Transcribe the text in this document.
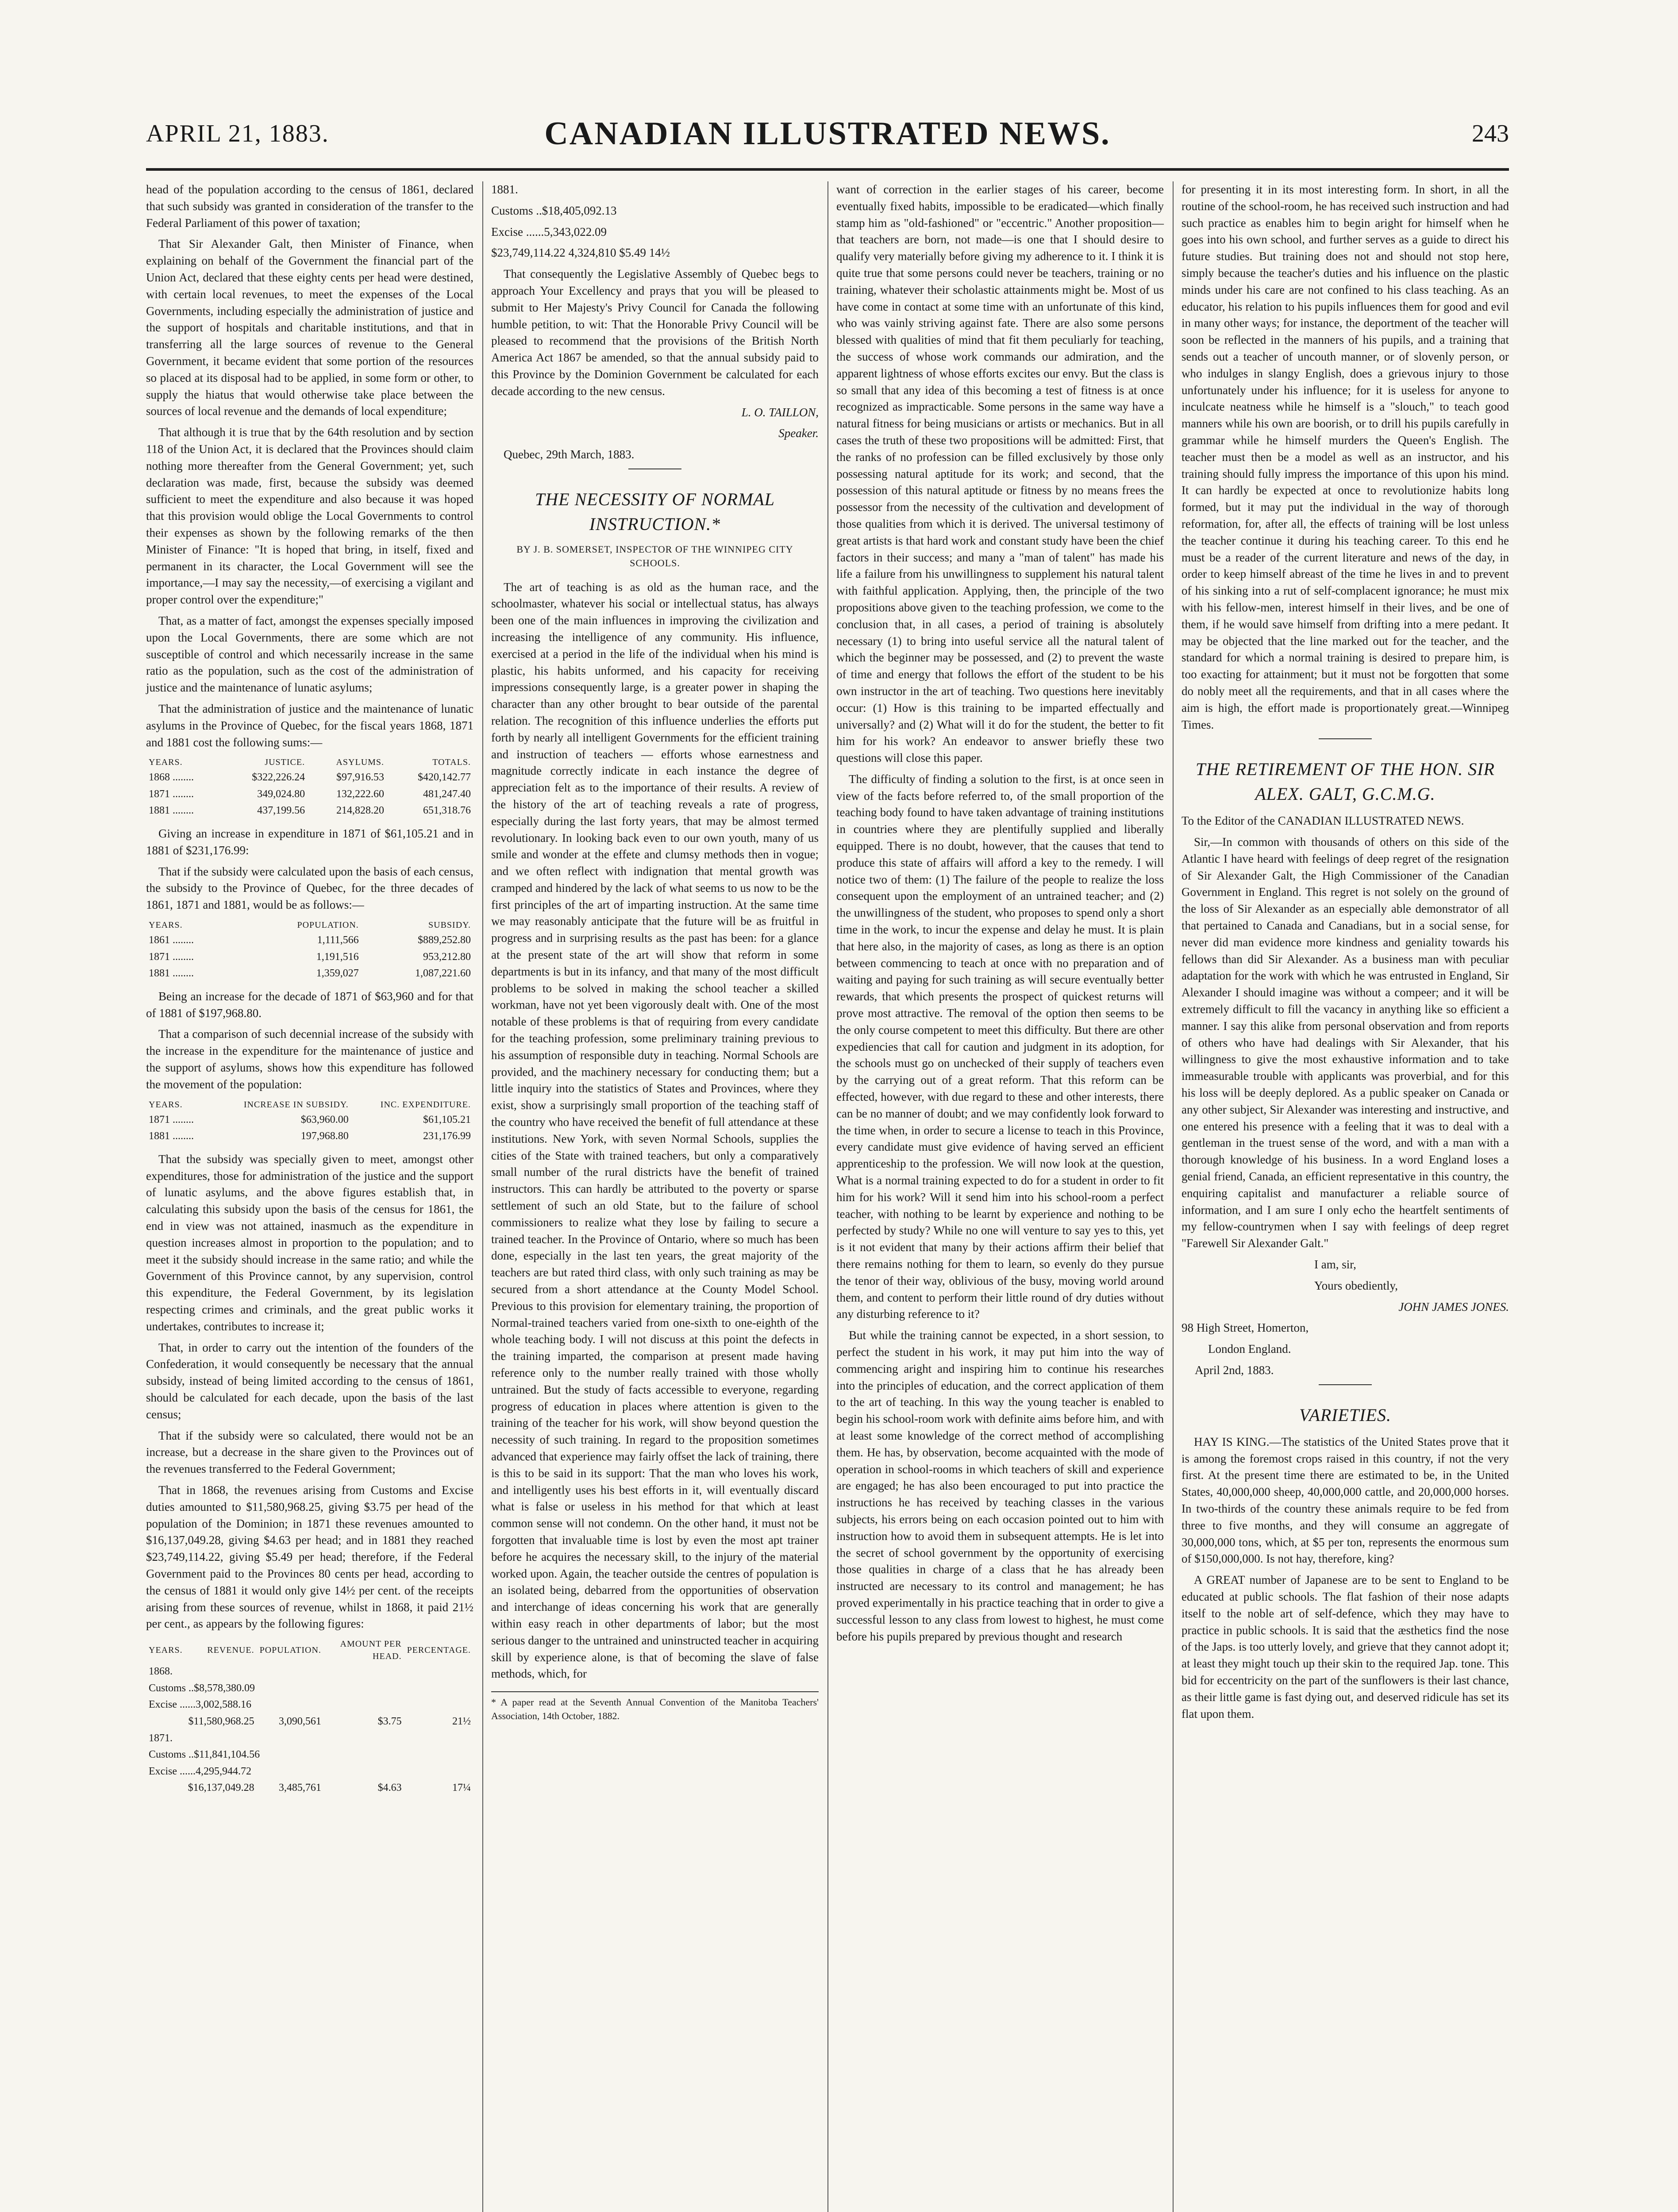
APRIL 21, 1883.	CANADIAN ILLUSTRATED NEWS.	243

head of the population according to the census of 1861, declared that such subsidy was granted in consideration of the transfer to the Federal Parliament of this power of taxation;

That Sir Alexander Galt, then Minister of Finance, when explaining on behalf of the Government the financial part of the Union Act, declared that these eighty cents per head were destined, with certain local revenues, to meet the expenses of the Local Governments, including especially the administration of justice and the support of hospitals and charitable institutions, and that in transferring all the large sources of revenue to the General Government, it became evident that some portion of the resources so placed at its disposal had to be applied, in some form or other, to supply the hiatus that would otherwise take place between the sources of local revenue and the demands of local expenditure;

That although it is true that by the 64th resolution and by section 118 of the Union Act, it is declared that the Provinces should claim nothing more thereafter from the General Government; yet, such declaration was made, first, because the subsidy was deemed sufficient to meet the expenditure and also because it was hoped that this provision would oblige the Local Governments to control their expenses as shown by the following remarks of the then Minister of Finance: "It is hoped that bring, in itself, fixed and permanent in its character, the Local Government will see the importance,—I may say the necessity,—of exercising a vigilant and proper control over the expenditure;"

That, as a matter of fact, amongst the expenses specially imposed upon the Local Governments, there are some which are not susceptible of control and which necessarily increase in the same ratio as the population, such as the cost of the administration of justice and the maintenance of lunatic asylums;

That the administration of justice and the maintenance of lunatic asylums in the Province of Quebec, for the fiscal years 1868, 1871 and 1881 cost the following sums:—

YEARS.	JUSTICE.	ASYLUMS.	TOTALS.
1868 ........	$322,226.24	$97,916.53	$420,142.77
1871 ........	349,024.80	132,222.60	481,247.40
1881 ........	437,199.56	214,828.20	651,318.76

Giving an increase in expenditure in 1871 of $61,105.21 and in 1881 of $231,176.99:

That if the subsidy were calculated upon the basis of each census, the subsidy to the Province of Quebec, for the three decades of 1861, 1871 and 1881, would be as follows:—

YEARS.	POPULATION.	SUBSIDY.
1861 ........	1,111,566	$889,252.80
1871 ........	1,191,516	953,212.80
1881 ........	1,359,027	1,087,221.60

Being an increase for the decade of 1871 of $63,960 and for that of 1881 of $197,968.80.

That a comparison of such decennial increase of the subsidy with the increase in the expenditure for the maintenance of justice and the support of asylums, shows how this expenditure has followed the movement of the population:

YEARS.	INCREASE IN SUBSIDY.	INC. EXPENDITURE.
1871 ........	$63,960.00	$61,105.21
1881 ........	197,968.80	231,176.99

That the subsidy was specially given to meet, amongst other expenditures, those for administration of the justice and the support of lunatic asylums, and the above figures establish that, in calculating this subsidy upon the basis of the census for 1861, the end in view was not attained, inasmuch as the expenditure in question increases almost in proportion to the population; and to meet it the subsidy should increase in the same ratio; and while the Government of this Province cannot, by any supervision, control this expenditure, the Federal Government, by its legislation respecting crimes and criminals, and the great public works it undertakes, contributes to increase it;

That, in order to carry out the intention of the founders of the Confederation, it would consequently be necessary that the annual subsidy, instead of being limited according to the census of 1861, should be calculated for each decade, upon the basis of the last census;

That if the subsidy were so calculated, there would not be an increase, but a decrease in the share given to the Provinces out of the revenues transferred to the Federal Government;

That in 1868, the revenues arising from Customs and Excise duties amounted to $11,580,968.25, giving $3.75 per head of the population of the Dominion; in 1871 these revenues amounted to $16,137,049.28, giving $4.63 per head; and in 1881 they reached $23,749,114.22, giving $5.49 per head; therefore, if the Federal Government paid to the Provinces 80 cents per head, according to the census of 1881 it would only give 14½ per cent. of the receipts arising from these sources of revenue, whilst in 1868, it paid 21½ per cent., as appears by the following figures:

YEARS.	REVENUE.	POPULATION.	AMOUNT PER HEAD.	PERCENTAGE.
1868.				
Customs ..$8,578,380.09				
Excise ......3,002,588.16				
	$11,580,968.25	3,090,561	$3.75	21½
1871.				
Customs ..$11,841,104.56				
Excise ......4,295,944.72				
	$16,137,049.28	3,485,761	$4.63	17¼

1881.

Customs ..$18,405,092.13

Excise ......5,343,022.09

$23,749,114.22 4,324,810 $5.49 14½

That consequently the Legislative Assembly of Quebec begs to approach Your Excellency and prays that you will be pleased to submit to Her Majesty's Privy Council for Canada the following humble petition, to wit: That the Honorable Privy Council will be pleased to recommend that the provisions of the British North America Act 1867 be amended, so that the annual subsidy paid to this Province by the Dominion Government be calculated for each decade according to the new census.

L. O. TAILLON,

Speaker.

Quebec, 29th March, 1883.

THE NECESSITY OF NORMAL INSTRUCTION.*

BY J. B. SOMERSET, INSPECTOR OF THE WINNIPEG CITY SCHOOLS.

The art of teaching is as old as the human race, and the schoolmaster, whatever his social or intellectual status, has always been one of the main influences in improving the civilization and increasing the intelligence of any community. His influence, exercised at a period in the life of the individual when his mind is plastic, his habits unformed, and his capacity for receiving impressions consequently large, is a greater power in shaping the character than any other brought to bear outside of the parental relation. The recognition of this influence underlies the efforts put forth by nearly all intelligent Governments for the efficient training and instruction of teachers — efforts whose earnestness and magnitude correctly indicate in each instance the degree of appreciation felt as to the importance of their results. A review of the history of the art of teaching reveals a rate of progress, especially during the last forty years, that may be almost termed revolutionary. In looking back even to our own youth, many of us smile and wonder at the effete and clumsy methods then in vogue; and we often reflect with indignation that mental growth was cramped and hindered by the lack of what seems to us now to be the first principles of the art of imparting instruction. At the same time we may reasonably anticipate that the future will be as fruitful in progress and in surprising results as the past has been: for a glance at the present state of the art will show that reform in some departments is but in its infancy, and that many of the most difficult problems to be solved in making the school teacher a skilled workman, have not yet been vigorously dealt with. One of the most notable of these problems is that of requiring from every candidate for the teaching profession, some preliminary training previous to his assumption of responsible duty in teaching. Normal Schools are provided, and the machinery necessary for conducting them; but a little inquiry into the statistics of States and Provinces, where they exist, show a surprisingly small proportion of the teaching staff of the country who have received the benefit of full attendance at these institutions. New York, with seven Normal Schools, supplies the cities of the State with trained teachers, but only a comparatively small number of the rural districts have the benefit of trained instructors. This can hardly be attributed to the poverty or sparse settlement of such an old State, but to the failure of school commissioners to realize what they lose by failing to secure a trained teacher. In the Province of Ontario, where so much has been done, especially in the last ten years, the great majority of the teachers are but rated third class, with only such training as may be secured from a short attendance at the County Model School. Previous to this provision for elementary training, the proportion of Normal-trained teachers varied from one-sixth to one-eighth of the whole teaching body. I will not discuss at this point the defects in the training imparted, the comparison at present made having reference only to the number really trained with those wholly untrained. But the study of facts accessible to everyone, regarding progress of education in places where attention is given to the training of the teacher for his work, will show beyond question the necessity of such training. In regard to the proposition sometimes advanced that experience may fairly offset the lack of training, there is this to be said in its support: That the man who loves his work, and intelligently uses his best efforts in it, will eventually discard what is false or useless in his method for that which at least common sense will not condemn. On the other hand, it must not be forgotten that invaluable time is lost by even the most apt trainer before he acquires the necessary skill, to the injury of the material worked upon. Again, the teacher outside the centres of population is an isolated being, debarred from the opportunities of observation and interchange of ideas concerning his work that are generally within easy reach in other departments of labor; but the most serious danger to the untrained and uninstructed teacher in acquiring skill by experience alone, is that of becoming the slave of false methods, which, for

* A paper read at the Seventh Annual Convention of the Manitoba Teachers' Association, 14th October, 1882.

want of correction in the earlier stages of his career, become eventually fixed habits, impossible to be eradicated—which finally stamp him as "old-fashioned" or "eccentric." Another proposition—that teachers are born, not made—is one that I should desire to qualify very materially before giving my adherence to it. I think it is quite true that some persons could never be teachers, training or no training, whatever their scholastic attainments might be. Most of us have come in contact at some time with an unfortunate of this kind, who was vainly striving against fate. There are also some persons blessed with qualities of mind that fit them peculiarly for teaching, the success of whose work commands our admiration, and the apparent lightness of whose efforts excites our envy. But the class is so small that any idea of this becoming a test of fitness is at once recognized as impracticable. Some persons in the same way have a natural fitness for being musicians or artists or mechanics. But in all cases the truth of these two propositions will be admitted: First, that the ranks of no profession can be filled exclusively by those only possessing natural aptitude for its work; and second, that the possession of this natural aptitude or fitness by no means frees the possessor from the necessity of the cultivation and development of those qualities from which it is derived. The universal testimony of great artists is that hard work and constant study have been the chief factors in their success; and many a "man of talent" has made his life a failure from his unwillingness to supplement his natural talent with faithful application. Applying, then, the principle of the two propositions above given to the teaching profession, we come to the conclusion that, in all cases, a period of training is absolutely necessary (1) to bring into useful service all the natural talent of which the beginner may be possessed, and (2) to prevent the waste of time and energy that follows the effort of the student to be his own instructor in the art of teaching. Two questions here inevitably occur: (1) How is this training to be imparted effectually and universally? and (2) What will it do for the student, the better to fit him for his work? An endeavor to answer briefly these two questions will close this paper.

The difficulty of finding a solution to the first, is at once seen in view of the facts before referred to, of the small proportion of the teaching body found to have taken advantage of training institutions in countries where they are plentifully supplied and liberally equipped. There is no doubt, however, that the causes that tend to produce this state of affairs will afford a key to the remedy. I will notice two of them: (1) The failure of the people to realize the loss consequent upon the employment of an untrained teacher; and (2) the unwillingness of the student, who proposes to spend only a short time in the work, to incur the expense and delay he must. It is plain that here also, in the majority of cases, as long as there is an option between commencing to teach at once with no preparation and of waiting and paying for such training as will secure eventually better rewards, that which presents the prospect of quickest returns will prove most attractive. The removal of the option then seems to be the only course competent to meet this difficulty. But there are other expediencies that call for caution and judgment in its adoption, for the schools must go on unchecked of their supply of teachers even by the carrying out of a great reform. That this reform can be effected, however, with due regard to these and other interests, there can be no manner of doubt; and we may confidently look forward to the time when, in order to secure a license to teach in this Province, every candidate must give evidence of having served an efficient apprenticeship to the profession. We will now look at the question, What is a normal training expected to do for a student in order to fit him for his work? Will it send him into his school-room a perfect teacher, with nothing to be learnt by experience and nothing to be perfected by study? While no one will venture to say yes to this, yet is it not evident that many by their actions affirm their belief that there remains nothing for them to learn, so evenly do they pursue the tenor of their way, oblivious of the busy, moving world around them, and content to perform their little round of dry duties without any disturbing reference to it?

But while the training cannot be expected, in a short session, to perfect the student in his work, it may put him into the way of commencing aright and inspiring him to continue his researches into the principles of education, and the correct application of them to the art of teaching. In this way the young teacher is enabled to begin his school-room work with definite aims before him, and with at least some knowledge of the correct method of accomplishing them. He has, by observation, become acquainted with the mode of operation in school-rooms in which teachers of skill and experience are engaged; he has also been encouraged to put into practice the instructions he has received by teaching classes in the various subjects, his errors being on each occasion pointed out to him with instruction how to avoid them in subsequent attempts. He is let into the secret of school government by the opportunity of exercising those qualities in charge of a class that he has already been instructed are necessary to its control and management; he has proved experimentally in his practice teaching that in order to give a successful lesson to any class from lowest to highest, he must come before his pupils prepared by previous thought and research

for presenting it in its most interesting form. In short, in all the routine of the school-room, he has received such instruction and had such practice as enables him to begin aright for himself when he goes into his own school, and further serves as a guide to direct his future studies. But training does not and should not stop here, simply because the teacher's duties and his influence on the plastic minds under his care are not confined to his class teaching. As an educator, his relation to his pupils influences them for good and evil in many other ways; for instance, the deportment of the teacher will soon be reflected in the manners of his pupils, and a training that sends out a teacher of uncouth manner, or of slovenly person, or who indulges in slangy English, does a grievous injury to those unfortunately under his influence; for it is useless for anyone to inculcate neatness while he himself is a "slouch," to teach good manners while his own are boorish, or to drill his pupils carefully in grammar while he himself murders the Queen's English. The teacher must then be a model as well as an instructor, and his training should fully impress the importance of this upon his mind. It can hardly be expected at once to revolutionize habits long formed, but it may put the individual in the way of thorough reformation, for, after all, the effects of training will be lost unless the teacher continue it during his teaching career. To this end he must be a reader of the current literature and news of the day, in order to keep himself abreast of the time he lives in and to prevent of his sinking into a rut of self-complacent ignorance; he must mix with his fellow-men, interest himself in their lives, and be one of them, if he would save himself from drifting into a mere pedant. It may be objected that the line marked out for the teacher, and the standard for which a normal training is desired to prepare him, is too exacting for attainment; but it must not be forgotten that some do nobly meet all the requirements, and that in all cases where the aim is high, the effort made is proportionately great.—Winnipeg Times.

THE RETIREMENT OF THE HON. SIR ALEX. GALT, G.C.M.G.

To the Editor of the CANADIAN ILLUSTRATED NEWS.

Sir,—In common with thousands of others on this side of the Atlantic I have heard with feelings of deep regret of the resignation of Sir Alexander Galt, the High Commissioner of the Canadian Government in England. This regret is not solely on the ground of the loss of Sir Alexander as an especially able demonstrator of all that pertained to Canada and Canadians, but in a social sense, for never did man evidence more kindness and geniality towards his fellows than did Sir Alexander. As a business man with peculiar adaptation for the work with which he was entrusted in England, Sir Alexander I should imagine was without a compeer; and it will be extremely difficult to fill the vacancy in anything like so efficient a manner. I say this alike from personal observation and from reports of others who have had dealings with Sir Alexander, that his willingness to give the most exhaustive information and to take immeasurable trouble with applicants was proverbial, and for this his loss will be deeply deplored. As a public speaker on Canada or any other subject, Sir Alexander was interesting and instructive, and one entered his presence with a feeling that it was to deal with a gentleman in the truest sense of the word, and with a man with a thorough knowledge of his business. In a word England loses a genial friend, Canada, an efficient representative in this country, the enquiring capitalist and manufacturer a reliable source of information, and I am sure I only echo the heartfelt sentiments of my fellow-countrymen when I say with feelings of deep regret "Farewell Sir Alexander Galt."

I am, sir,

Yours obediently,

JOHN JAMES JONES.

98 High Street, Homerton,

London England.

April 2nd, 1883.

VARIETIES.

HAY IS KING.—The statistics of the United States prove that it is among the foremost crops raised in this country, if not the very first. At the present time there are estimated to be, in the United States, 40,000,000 sheep, 40,000,000 cattle, and 20,000,000 horses. In two-thirds of the country these animals require to be fed from three to five months, and they will consume an aggregate of 30,000,000 tons, which, at $5 per ton, represents the enormous sum of $150,000,000. Is not hay, therefore, king?

A GREAT number of Japanese are to be sent to England to be educated at public schools. The flat fashion of their nose adapts itself to the noble art of self-defence, which they may have to practice in public schools. It is said that the æsthetics find the nose of the Japs. is too utterly lovely, and grieve that they cannot adopt it; at least they might touch up their skin to the required Jap. tone. This bid for eccentricity on the part of the sunflowers is their last chance, as their little game is fast dying out, and deserved ridicule has set its flat upon them.
